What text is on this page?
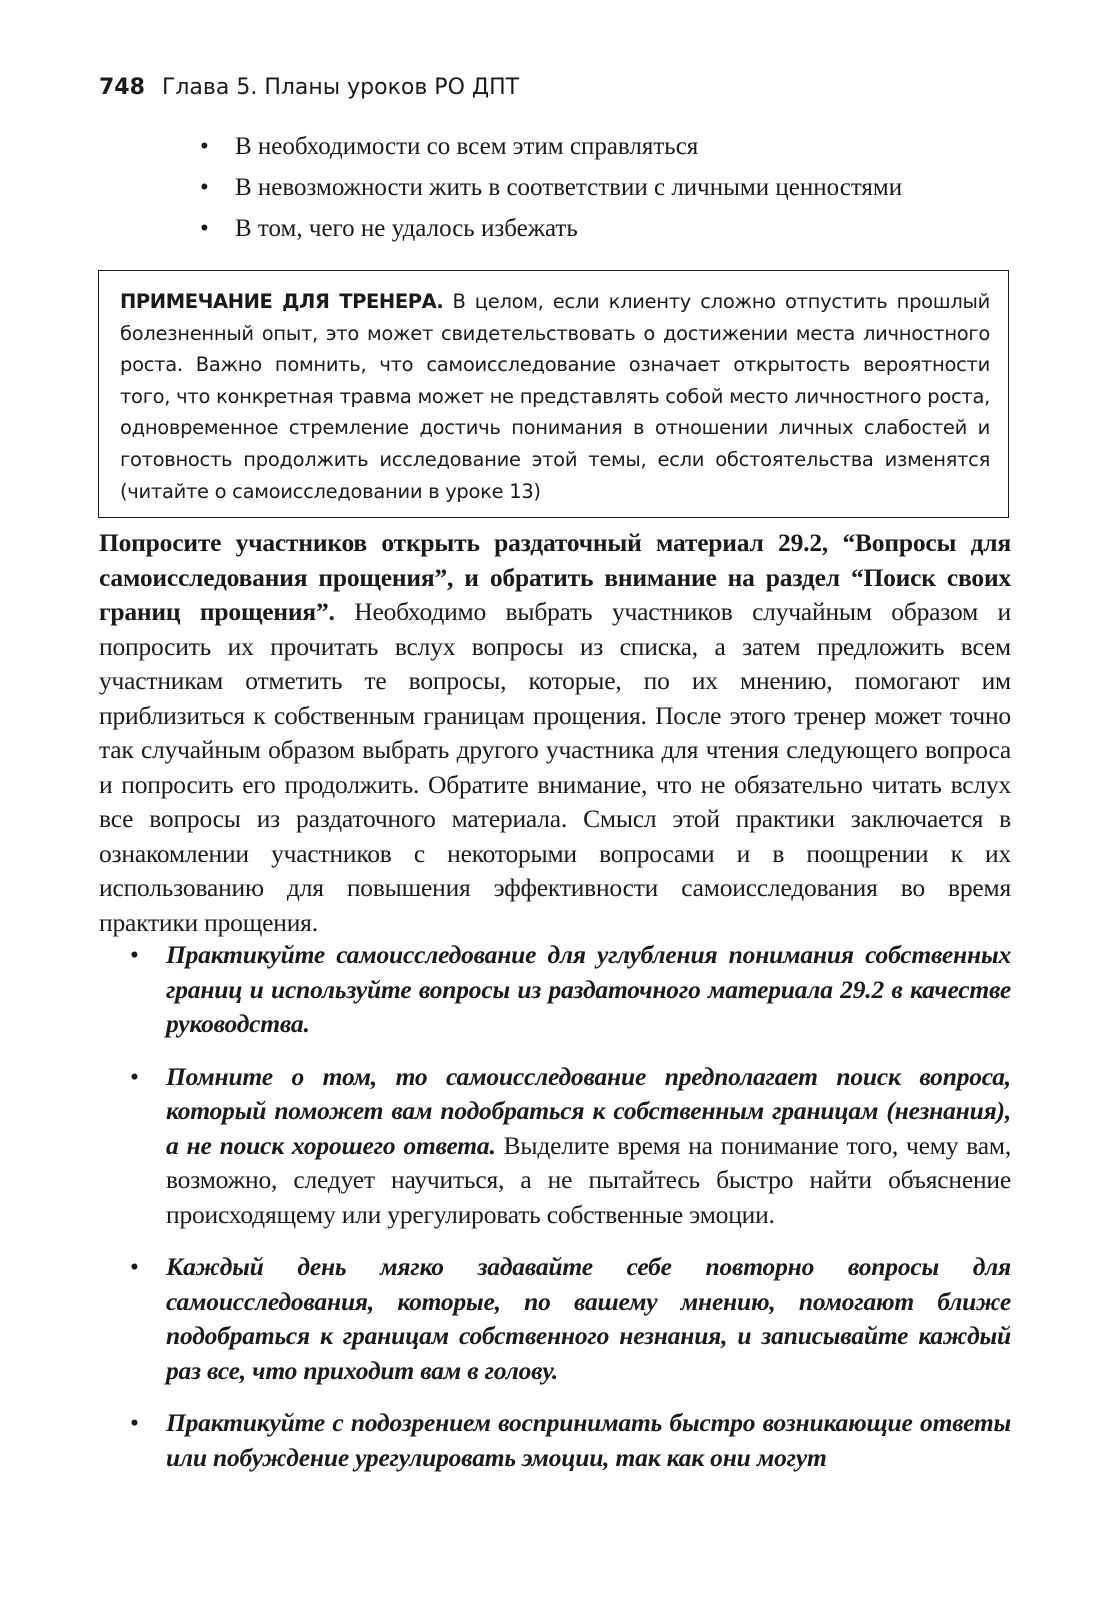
748 Глава 5. Планы уроков РО ДПТ
• В необходимости со всем этим справляться
• В невозможности жить в соответствии с личными ценностями
• В том, чего не удалось избежать
ПРИМЕЧАНИЕ ДЛЯ ТРЕНЕРА. В целом, если клиенту сложно отпустить прошлый болезненный опыт, это может свидетельствовать о достижении места личностного роста. Важно помнить, что самоисследование означает открытость вероятности того, что конкретная травма может не представлять собой место личностного роста, одновременное стремление достичь понимания в отношении личных слабостей и готовность продолжить исследование этой темы, если обстоятельства изменятся (читайте о самоисследовании в уроке 13)
Попросите участников открыть раздаточный материал 29.2, “Вопросы для самоисследования прощения”, и обратить внимание на раздел “Поиск своих границ прощения”. Необходимо выбрать участников случайным образом и попросить их прочитать вслух вопросы из списка, а затем предложить всем участникам отметить те вопросы, которые, по их мнению, помогают им приблизиться к собственным границам прощения. После этого тренер может точно так случайным образом выбрать другого участника для чтения следующего вопроса и попросить его продолжить. Обратите внимание, что не обязательно читать вслух все вопросы из раздаточного материала. Смысл этой практики заключается в ознакомлении участников с некоторыми вопросами и в поощрении к их использованию для повышения эффективности самоисследования во время практики прощения.
• Практикуйте самоисследование для углубления понимания собственных границ и используйте вопросы из раздаточного материала 29.2 в качестве руководства.
• Помните о том, то самоисследование предполагает поиск вопроса, который поможет вам подобраться к собственным границам (незнания), а не поиск хорошего ответа. Выделите время на понимание того, чему вам, возможно, следует научиться, а не пытайтесь быстро найти объяснение происходящему или урегулировать собственные эмоции.
• Каждый день мягко задавайте себе повторно вопросы для самоисследования, которые, по вашему мнению, помогают ближе подобраться к границам собственного незнания, и записывайте каждый раз все, что приходит вам в голову.
• Практикуйте с подозрением воспринимать быстро возникающие ответы или побуждение урегулировать эмоции, так как они могут
